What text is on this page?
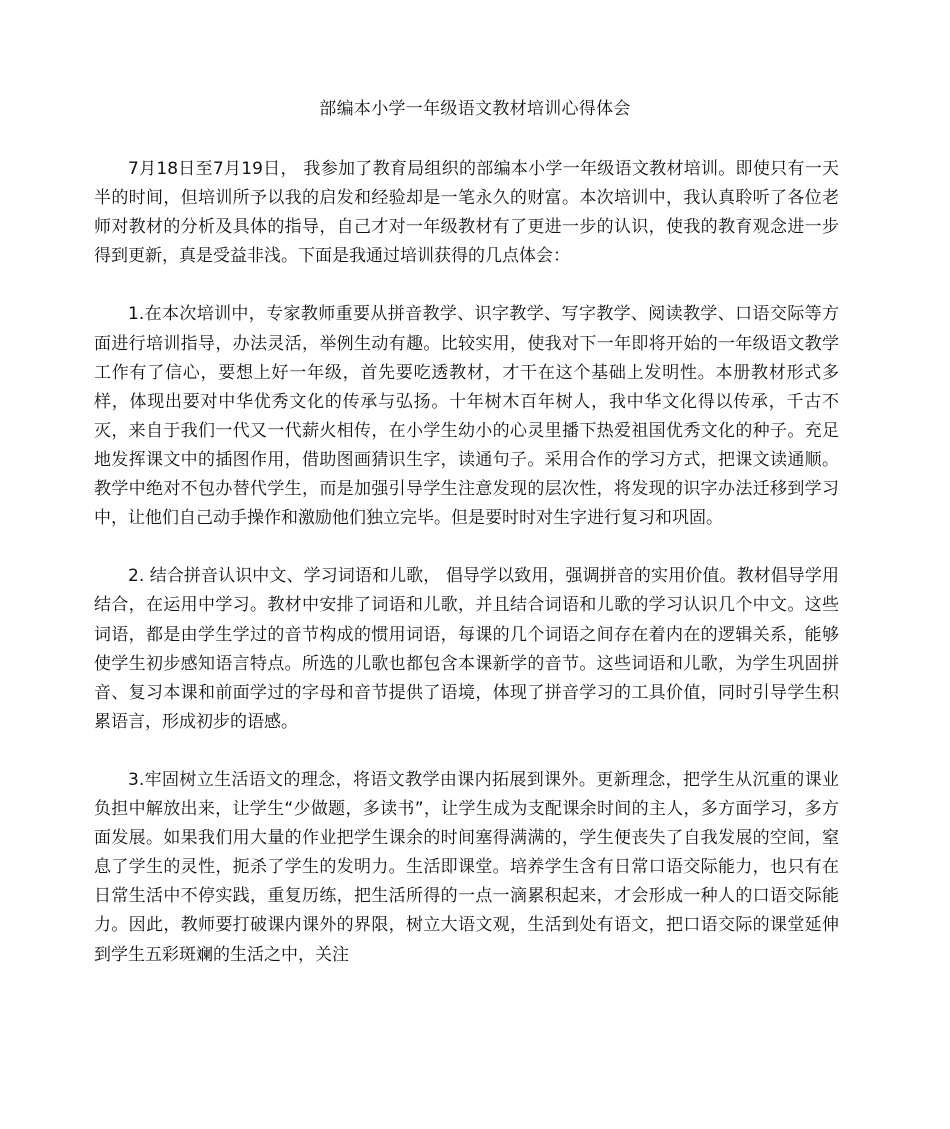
部编本小学一年级语文教材培训心得体会

7月18日至7月19日， 我参加了教育局组织的部编本小学一年级语文教材培训。即使只有一天半的时间，但培训所予以我的启发和经验却是一笔永久的财富。本次培训中，我认真聆听了各位老师对教材的分析及具体的指导，自己才对一年级教材有了更进一步的认识，使我的教育观念进一步得到更新，真是受益非浅。下面是我通过培训获得的几点体会：

1.在本次培训中，专家教师重要从拼音教学、识字教学、写字教学、阅读教学、口语交际等方面进行培训指导，办法灵活，举例生动有趣。比较实用，使我对下一年即将开始的一年级语文教学工作有了信心，要想上好一年级，首先要吃透教材，才干在这个基础上发明性。本册教材形式多样，体现出要对中华优秀文化的传承与弘扬。十年树木百年树人，我中华文化得以传承，千古不灭，来自于我们一代又一代薪火相传，在小学生幼小的心灵里播下热爱祖国优秀文化的种子。充足地发挥课文中的插图作用，借助图画猜识生字，读通句子。采用合作的学习方式，把课文读通顺。教学中绝对不包办替代学生，而是加强引导学生注意发现的层次性，将发现的识字办法迁移到学习中，让他们自己动手操作和激励他们独立完毕。但是要时时对生字进行复习和巩固。

2. 结合拼音认识中文、学习词语和儿歌， 倡导学以致用，强调拼音的实用价值。教材倡导学用结合，在运用中学习。教材中安排了词语和儿歌，并且结合词语和儿歌的学习认识几个中文。这些词语，都是由学生学过的音节构成的惯用词语，每课的几个词语之间存在着内在的逻辑关系，能够使学生初步感知语言特点。所选的儿歌也都包含本课新学的音节。这些词语和儿歌，为学生巩固拼音、复习本课和前面学过的字母和音节提供了语境，体现了拼音学习的工具价值，同时引导学生积累语言，形成初步的语感。

3.牢固树立生活语文的理念，将语文教学由课内拓展到课外。更新理念，把学生从沉重的课业负担中解放出来，让学生“少做题，多读书”，让学生成为支配课余时间的主人，多方面学习，多方面发展。如果我们用大量的作业把学生课余的时间塞得满满的，学生便丧失了自我发展的空间，窒息了学生的灵性，扼杀了学生的发明力。生活即课堂。培养学生含有日常口语交际能力，也只有在日常生活中不停实践，重复历练，把生活所得的一点一滴累积起来，才会形成一种人的口语交际能力。因此，教师要打破课内课外的界限，树立大语文观，生活到处有语文，把口语交际的课堂延伸到学生五彩斑斓的生活之中，关注
